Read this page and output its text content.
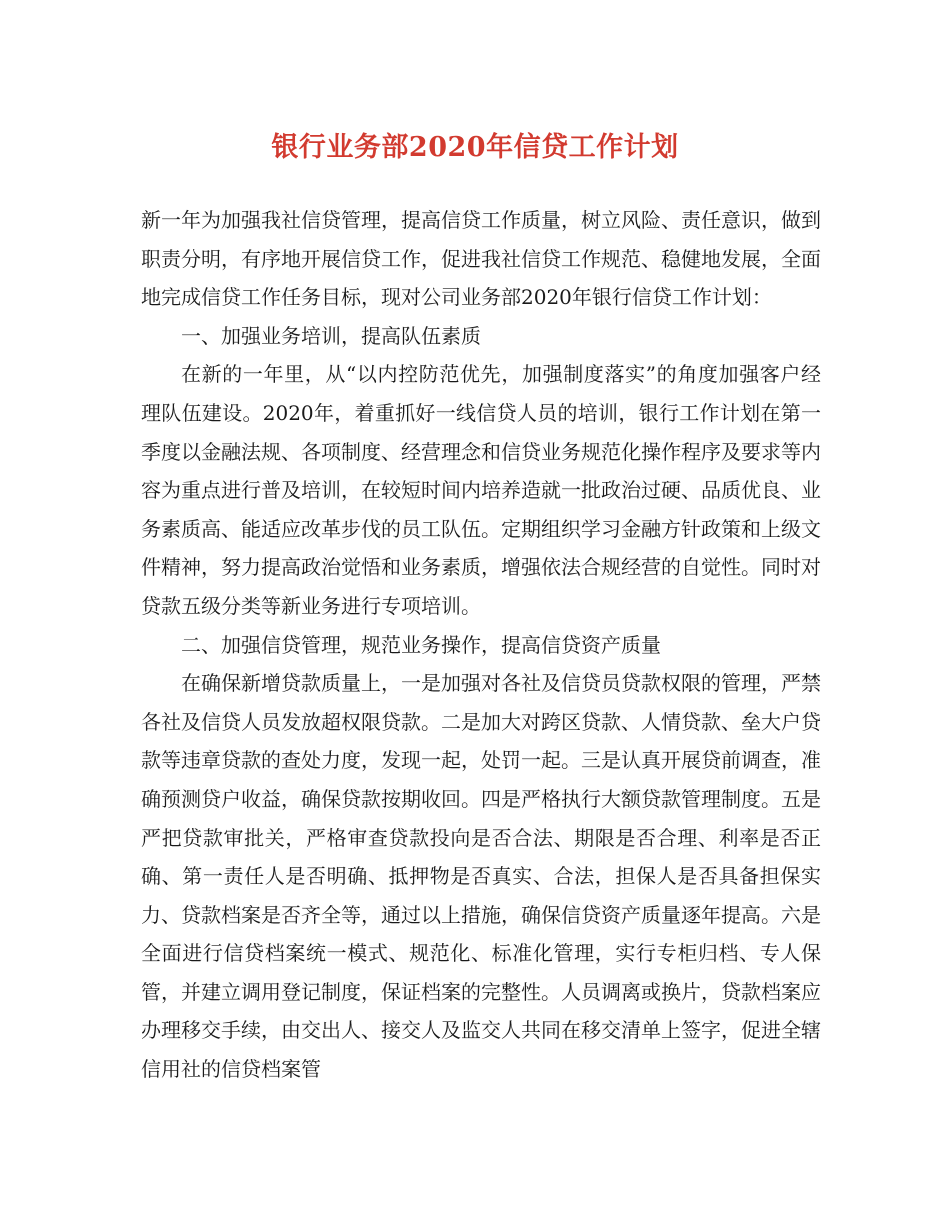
银行业务部2020年信贷工作计划

新一年为加强我社信贷管理，提高信贷工作质量，树立风险、责任意识，做到职责分明，有序地开展信贷工作，促进我社信贷工作规范、稳健地发展，全面地完成信贷工作任务目标，现对公司业务部2020年银行信贷工作计划：

一、加强业务培训，提高队伍素质

在新的一年里，从“以内控防范优先，加强制度落实”的角度加强客户经理队伍建设。2020年，着重抓好一线信贷人员的培训，银行工作计划在第一季度以金融法规、各项制度、经营理念和信贷业务规范化操作程序及要求等内容为重点进行普及培训，在较短时间内培养造就一批政治过硬、品质优良、业务素质高、能适应改革步伐的员工队伍。定期组织学习金融方针政策和上级文件精神，努力提高政治觉悟和业务素质，增强依法合规经营的自觉性。同时对贷款五级分类等新业务进行专项培训。

二、加强信贷管理，规范业务操作，提高信贷资产质量

在确保新增贷款质量上，一是加强对各社及信贷员贷款权限的管理，严禁各社及信贷人员发放超权限贷款。二是加大对跨区贷款、人情贷款、垒大户贷款等违章贷款的查处力度，发现一起，处罚一起。三是认真开展贷前调查，准确预测贷户收益，确保贷款按期收回。四是严格执行大额贷款管理制度。五是严把贷款审批关，严格审查贷款投向是否合法、期限是否合理、利率是否正确、第一责任人是否明确、抵押物是否真实、合法，担保人是否具备担保实力、贷款档案是否齐全等，通过以上措施，确保信贷资产质量逐年提高。六是全面进行信贷档案统一模式、规范化、标准化管理，实行专柜归档、专人保管，并建立调用登记制度，保证档案的完整性。人员调离或换片，贷款档案应办理移交手续，由交出人、接交人及监交人共同在移交清单上签字，促进全辖信用社的信贷档案管
